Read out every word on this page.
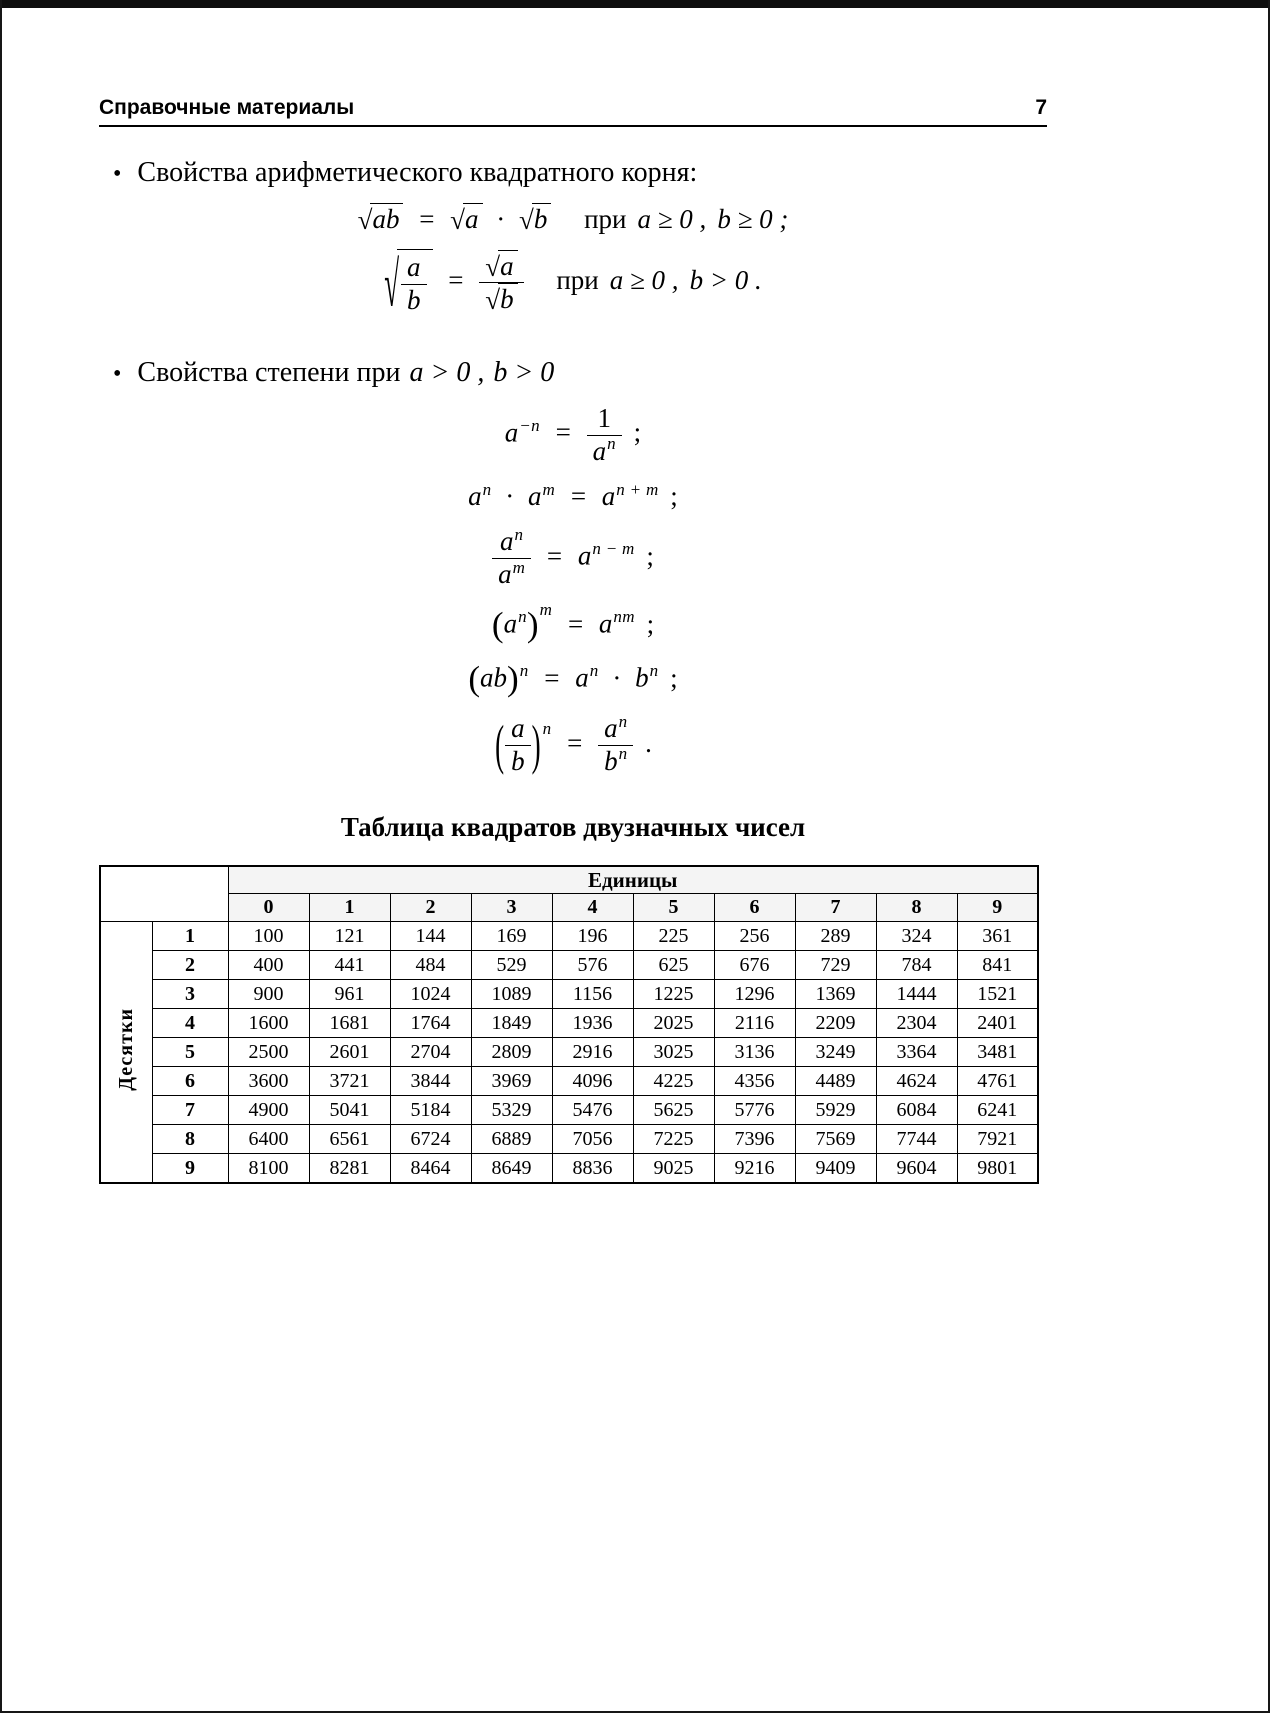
Справочные материалы	7
• Свойства арифметического квадратного корня:
√ab = √a · √b при a ≥ 0 , b ≥ 0 ;
√ $\frac{a}{b} = \frac{√a}{√b}$ при a ≥ 0 , b > 0 .
• Свойства степени при a > 0 , b > 0
$a-n = \frac{1}{an}$ ;
an · am = an + m ;
$\frac{an}{am}$ = an − m ;
(an)m = anm ;
(ab)n = an · bn ;
( $\frac{a}{b}$ ) $n = \frac{an}{bn}$ .
Таблица квадратов двузначных чисел
		Единицы									
		0	1	2	3	4	5	6	7	8	9
Десятки	1	100	121	144	169	196	225	256	289	324	361
	2	400	441	484	529	576	625	676	729	784	841
	3	900	961	1024	1089	1156	1225	1296	1369	1444	1521
	4	1600	1681	1764	1849	1936	2025	2116	2209	2304	2401
	5	2500	2601	2704	2809	2916	3025	3136	3249	3364	3481
	6	3600	3721	3844	3969	4096	4225	4356	4489	4624	4761
	7	4900	5041	5184	5329	5476	5625	5776	5929	6084	6241
	8	6400	6561	6724	6889	7056	7225	7396	7569	7744	7921
	9	8100	8281	8464	8649	8836	9025	9216	9409	9604	9801
